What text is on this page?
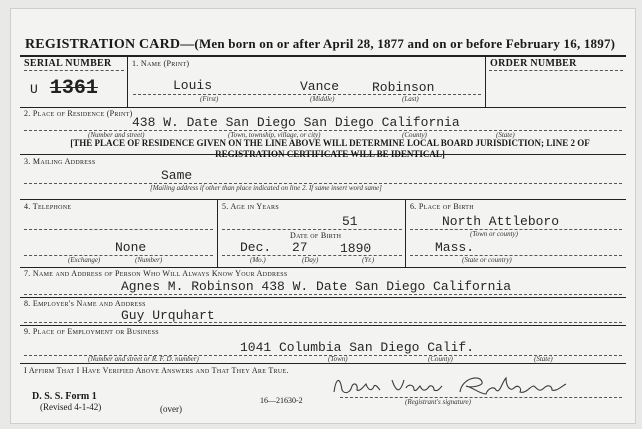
REGISTRATION CARD—(Men born on or after April 28, 1877 and on or before February 16, 1897)
SERIAL NUMBER	1. Name (Print)	ORDER NUMBER
U 1361	Louis	Vance	Robinson
(First)	(Middle)	(Last)
2. Place of Residence (Print)
438 W. Date San Diego San Diego California
(Number and street)	(Town, township, village, or city)	(County)	(State)
[THE PLACE OF RESIDENCE GIVEN ON THE LINE ABOVE WILL DETERMINE LOCAL BOARD JURISDICTION; LINE 2 OF REGISTRATION CERTIFICATE WILL BE IDENTICAL]
3. Mailing Address
Same
[Mailing address if other than place indicated on line 2. If same insert word same]
4. Telephone
None
(Exchange)	(Number)
5. Age in Years
51
Date of Birth
Dec. 27 1890
(Mo.)	(Day)	(Yr.)
6. Place of Birth
North Attleboro
(Town or county)
Mass.
(State or country)
7. Name and Address of Person Who Will Always Know Your Address
Agnes M. Robinson 438 W. Date San Diego California
8. Employer's Name and Address
Guy Urquhart
9. Place of Employment or Business
1041 Columbia San Diego Calif.
(Number and street or R. F. D. number)	(Town)	(County)	(State)
I Affirm That I Have Verified Above Answers and That They Are True.
(Registrant's signature)
D. S. S. Form 1
(Revised 4-1-42)	(over)
16—21630-2
